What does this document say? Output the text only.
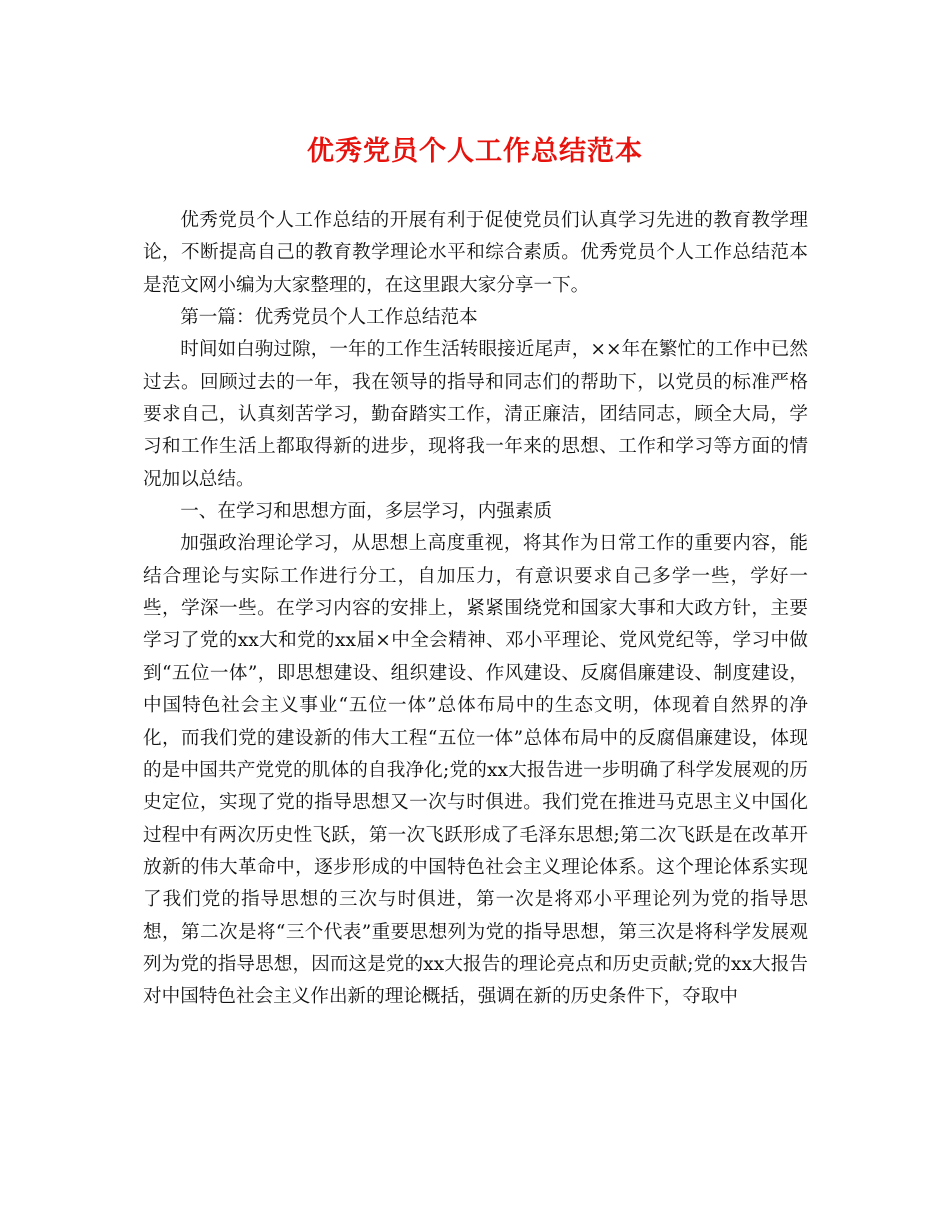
优秀党员个人工作总结范本

优秀党员个人工作总结的开展有利于促使党员们认真学习先进的教育教学理论，不断提高自己的教育教学理论水平和综合素质。优秀党员个人工作总结范本是范文网小编为大家整理的，在这里跟大家分享一下。

第一篇：优秀党员个人工作总结范本

时间如白驹过隙，一年的工作生活转眼接近尾声，××年在繁忙的工作中已然过去。回顾过去的一年，我在领导的指导和同志们的帮助下，以党员的标准严格要求自己，认真刻苦学习，勤奋踏实工作，清正廉洁，团结同志，顾全大局，学习和工作生活上都取得新的进步，现将我一年来的思想、工作和学习等方面的情况加以总结。

一、在学习和思想方面，多层学习，内强素质

加强政治理论学习，从思想上高度重视，将其作为日常工作的重要内容，能结合理论与实际工作进行分工，自加压力，有意识要求自己多学一些，学好一些，学深一些。在学习内容的安排上，紧紧围绕党和国家大事和大政方针，主要学习了党的xx大和党的xx届×中全会精神、邓小平理论、党风党纪等，学习中做到“五位一体”，即思想建设、组织建设、作风建设、反腐倡廉建设、制度建设，中国特色社会主义事业“五位一体”总体布局中的生态文明，体现着自然界的净化，而我们党的建设新的伟大工程“五位一体”总体布局中的反腐倡廉建设，体现的是中国共产党党的肌体的自我净化;党的xx大报告进一步明确了科学发展观的历史定位，实现了党的指导思想又一次与时俱进。我们党在推进马克思主义中国化过程中有两次历史性飞跃，第一次飞跃形成了毛泽东思想;第二次飞跃是在改革开放新的伟大革命中，逐步形成的中国特色社会主义理论体系。这个理论体系实现了我们党的指导思想的三次与时俱进，第一次是将邓小平理论列为党的指导思想，第二次是将“三个代表”重要思想列为党的指导思想，第三次是将科学发展观列为党的指导思想，因而这是党的xx大报告的理论亮点和历史贡献;党的xx大报告对中国特色社会主义作出新的理论概括，强调在新的历史条件下，夺取中
